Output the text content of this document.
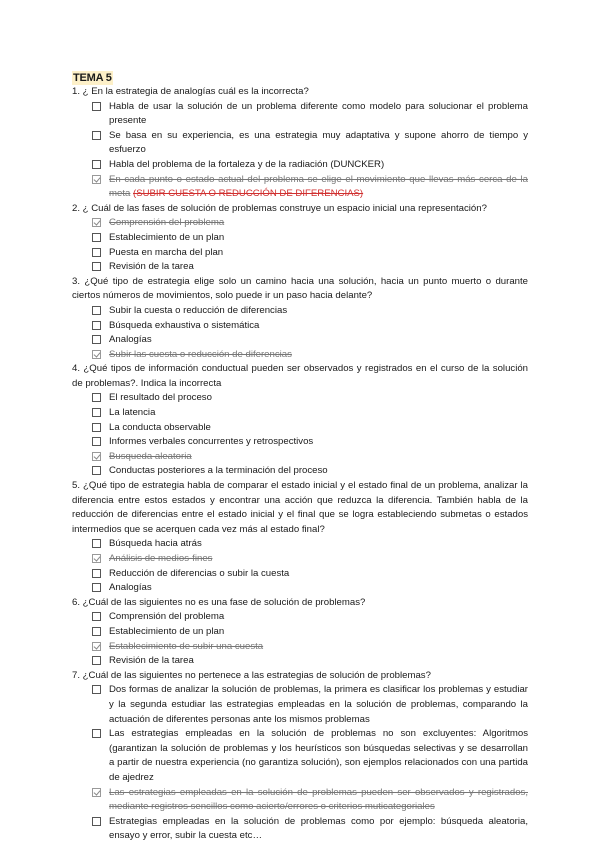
TEMA 5
1. ¿ En la estrategia de analogías cuál es la incorrecta?
Habla de usar la solución de un problema diferente como modelo para solucionar el problema presente
Se basa en su experiencia, es una estrategia muy adaptativa y supone ahorro de tiempo y esfuerzo
Habla del problema de la fortaleza y de la radiación (DUNCKER)
En cada punto o estado actual del problema se elige el movimiento que llevas más cerca de la meta (SUBIR CUESTA O REDUCCIÓN DE DIFERENCIAS)
2. ¿ Cuál de las fases de solución de problemas construye un espacio inicial una representación?
Comprensión del problema
Establecimiento de un plan
Puesta en marcha del plan
Revisión de la tarea
3. ¿Qué tipo de estrategia elige solo un camino hacia una solución, hacia un punto muerto o durante ciertos números de movimientos, solo puede ir un paso hacia delante?
Subir la cuesta o reducción de diferencias
Búsqueda exhaustiva o sistemática
Analogías
Subir las cuesta o reducción de diferencias
4. ¿Qué tipos de información conductual pueden ser observados y registrados en el curso de la solución de problemas?. Indica la incorrecta
El resultado del proceso
La latencia
La conducta observable
Informes verbales concurrentes y retrospectivos
Busqueda aleatoria
Conductas posteriores a la terminación del proceso
5. ¿Qué tipo de estrategia habla de comparar el estado inicial y el estado final de un problema, analizar la diferencia entre estos estados y encontrar una acción que reduzca la diferencia. También habla de la reducción de diferencias entre el estado inicial y el final que se logra estableciendo submetas o estados intermedios que se acerquen cada vez más al estado final?
Búsqueda hacia atrás
Análisis de medios-fines
Reducción de diferencias o subir la cuesta
Analogías
6. ¿Cuál de las siguientes no es una fase de solución de problemas?
Comprensión del problema
Establecimiento de un plan
Establecimiento de subir una cuesta
Revisión de la tarea
7. ¿Cuál de las siguientes no pertenece a las estrategias de solución de problemas?
Dos formas de analizar la solución de problemas, la primera es clasificar los problemas y estudiar y la segunda estudiar las estrategias empleadas en la solución de problemas, comparando la actuación de diferentes personas ante los mismos problemas
Las estrategias empleadas en la solución de problemas no son excluyentes: Algoritmos (garantizan la solución de problemas y los heurísticos son búsquedas selectivas y se desarrollan a partir de nuestra experiencia (no garantiza solución), son ejemplos relacionados con una partida de ajedrez
Las estrategias empleadas en la solución de problemas pueden ser observados y registrados, mediante registros sencillos como acierto/errores o criterios muticategoriales
Estrategias empleadas en la solución de problemas como por ejemplo: búsqueda aleatoria, ensayo y error, subir la cuesta etc…
